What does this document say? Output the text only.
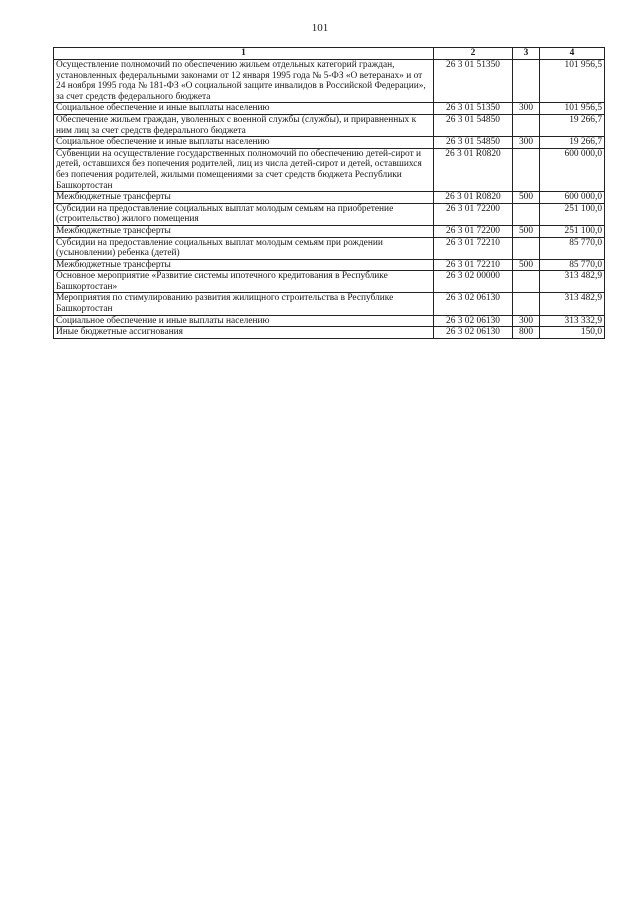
101
1	2	3	4
Осуществление полномочий по обеспечению жильем отдельных категорий граждан, установленных федеральными законами от 12 января 1995 года № 5-ФЗ «О ветеранах» и от 24 ноября 1995 года № 181-ФЗ «О социальной защите инвалидов в Российской Федерации», за счет средств федерального бюджета	26 3 01 51350		101 956,5
Социальное обеспечение и иные выплаты населению	26 3 01 51350	300	101 956,5
Обеспечение жильем граждан, уволенных с военной службы (службы), и приравненных к ним лиц за счет средств федерального бюджета	26 3 01 54850		19 266,7
Социальное обеспечение и иные выплаты населению	26 3 01 54850	300	19 266,7
Субвенции на осуществление государственных полномочий по обеспечению детей-сирот и детей, оставшихся без попечения родителей, лиц из числа детей-сирот и детей, оставшихся без попечения родителей, жилыми помещениями за счет средств бюджета Республики Башкортостан	26 3 01 R0820		600 000,0
Межбюджетные трансферты	26 3 01 R0820	500	600 000,0
Субсидии на предоставление социальных выплат молодым семьям на приобретение (строительство) жилого помещения	26 3 01 72200		251 100,0
Межбюджетные трансферты	26 3 01 72200	500	251 100,0
Субсидии на предоставление социальных выплат молодым семьям при рождении (усыновлении) ребенка (детей)	26 3 01 72210		85 770,0
Межбюджетные трансферты	26 3 01 72210	500	85 770,0
Основное мероприятие «Развитие системы ипотечного кредитования в Республике Башкортостан»	26 3 02 00000		313 482,9
Мероприятия по стимулированию развития жилищного строительства в Республике Башкортостан	26 3 02 06130		313 482,9
Социальное обеспечение и иные выплаты населению	26 3 02 06130	300	313 332,9
Иные бюджетные ассигнования	26 3 02 06130	800	150,0
